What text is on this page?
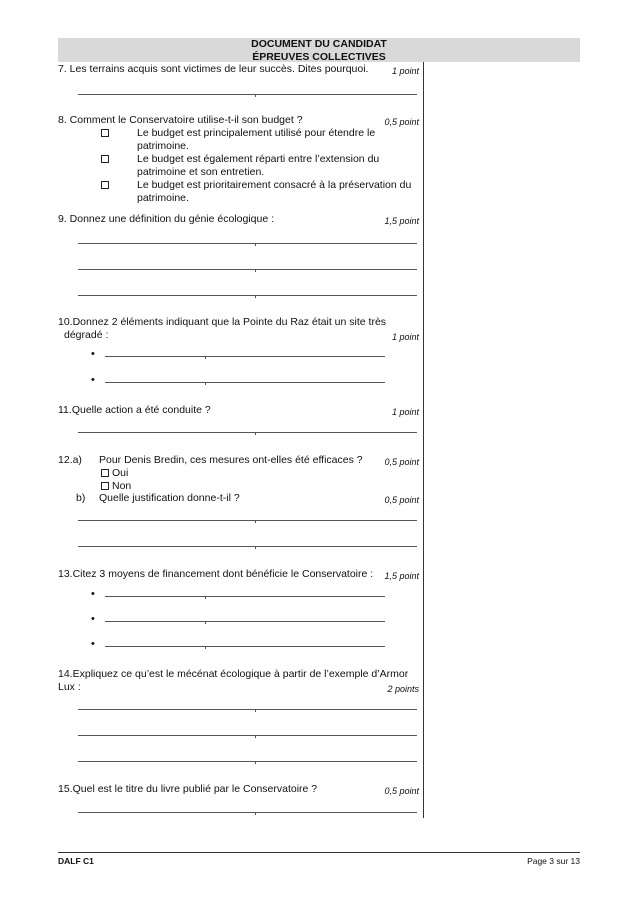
DOCUMENT DU CANDIDAT
ÉPREUVES COLLECTIVES
7. Les terrains acquis sont victimes de leur succès. Dites pourquoi.	1 point
8. Comment le Conservatoire utilise-t-il son budget ?	0,5 point
Le budget est principalement utilisé pour étendre le
patrimoine.
Le budget est également réparti entre l’extension du
patrimoine et son entretien.
Le budget est prioritairement consacré à la préservation du
patrimoine.
9. Donnez une définition du génie écologique :	1,5 point
10.Donnez 2 éléments indiquant que la Pointe du Raz était un site très
dégradé :	1 point
•
•
11.Quelle action a été conduite ?	1 point
12.a) Pour Denis Bredin, ces mesures ont-elles été efficaces ? 0,5 point
Oui
Non
b) Quelle justification donne-t-il ?	0,5 point
13.Citez 3 moyens de financement dont bénéficie le Conservatoire : 1,5 point
•
•
•
14.Expliquez ce qu’est le mécénat écologique à partir de l’exemple d’Armor
Lux :	2 points
15.Quel est le titre du livre publié par le Conservatoire ?	0,5 point
DALF C1	Page 3 sur 13
